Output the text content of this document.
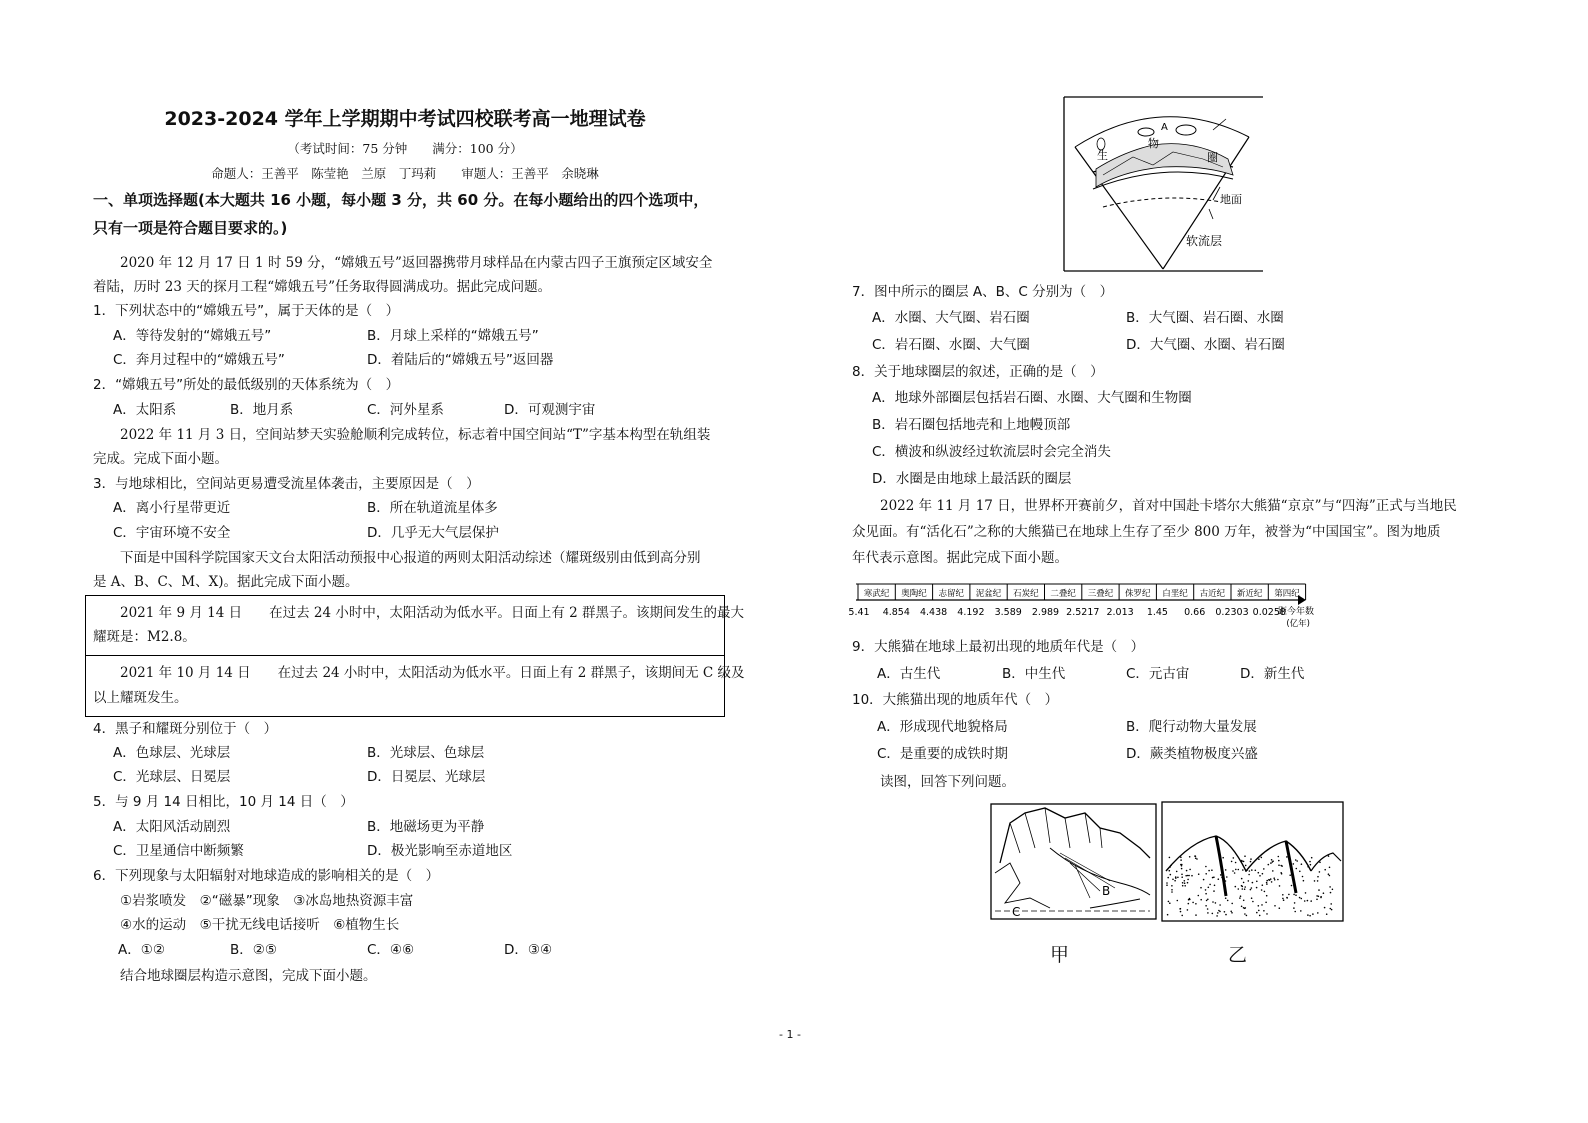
2023-2024 学年上学期期中考试四校联考高一地理试卷
（考试时间：75 分钟　　满分：100 分）
命题人：王善平　陈莹艳　兰原　丁玛莉　　审题人：王善平　余晓琳
一、单项选择题(本大题共 16 小题，每小题 3 分，共 60 分。在每小题给出的四个选项中，
只有一项是符合题目要求的。)
2020 年 12 月 17 日 1 时 59 分，“嫦娥五号”返回器携带月球样品在内蒙古四子王旗预定区域安全
着陆，历时 23 天的探月工程“嫦娥五号”任务取得圆满成功。据此完成问题。
1．下列状态中的“嫦娥五号”，属于天体的是（　）
A．等待发射的“嫦娥五号”	B．月球上采样的“嫦娥五号”
C．奔月过程中的“嫦娥五号”	D．着陆后的“嫦娥五号”返回器
2．“嫦娥五号”所处的最低级别的天体系统为（　）
A．太阳系	B．地月系	C．河外星系	D．可观测宇宙
2022 年 11 月 3 日，空间站梦天实验舱顺利完成转位，标志着中国空间站“T”字基本构型在轨组装
完成。完成下面小题。
3．与地球相比，空间站更易遭受流星体袭击，主要原因是（　）
A．离小行星带更近	B．所在轨道流星体多
C．宇宙环境不安全	D．几乎无大气层保护
下面是中国科学院国家天文台太阳活动预报中心报道的两则太阳活动综述（耀斑级别由低到高分别
是 A、B、C、M、X)。据此完成下面小题。
2021 年 9 月 14 日　　在过去 24 小时中，太阳活动为低水平。日面上有 2 群黑子。该期间发生的最大
耀斑是：M2.8。
2021 年 10 月 14 日　　在过去 24 小时中，太阳活动为低水平。日面上有 2 群黑子，该期间无 C 级及
以上耀斑发生。
4．黑子和耀斑分别位于（　）
A．色球层、光球层	B．光球层、色球层
C．光球层、日冕层	D．日冕层、光球层
5．与 9 月 14 日相比，10 月 14 日（　）
A．太阳风活动剧烈	B．地磁场更为平静
C．卫星通信中断频繁	D．极光影响至赤道地区
6．下列现象与太阳辐射对地球造成的影响相关的是（　）
①岩浆喷发　②“磁暴”现象　③冰岛地热资源丰富
④水的运动　⑤干扰无线电话接听　⑥植物生长
A．①②	B．②⑤	C．④⑥	D．③④
结合地球圈层构造示意图，完成下面小题。
A
生
物
圈
地面
软流层
7．图中所示的圈层 A、B、C 分别为（　）
A．水圈、大气圈、岩石圈	B．大气圈、岩石圈、水圈
C．岩石圈、水圈、大气圈	D．大气圈、水圈、岩石圈
8．关于地球圈层的叙述，正确的是（　）
A．地球外部圈层包括岩石圈、水圈、大气圈和生物圈
B．岩石圈包括地壳和上地幔顶部
C．横波和纵波经过软流层时会完全消失
D．水圈是由地球上最活跃的圈层
2022 年 11 月 17 日，世界杯开赛前夕，首对中国赴卡塔尔大熊猫“京京”与“四海”正式与当地民
众见面。有“活化石”之称的大熊猫已在地球上生存了至少 800 万年，被誉为“中国国宝”。图为地质
年代表示意图。据此完成下面小题。
寒武纪
5.41
奥陶纪
4.854
志留纪
4.438
泥盆纪
4.192
石炭纪
3.589
二叠纪
2.989
三叠纪
2.5217
侏罗纪
2.013
白垩纪
1.45
古近纪
0.66
新近纪
0.2303
第四纪
0.0258
距今年数
(亿年)
9．大熊猫在地球上最初出现的地质年代是（　）
A．古生代	B．中生代	C．元古宙	D．新生代
10．大熊猫出现的地质年代（　）
A．形成现代地貌格局	B．爬行动物大量发展
C．是重要的成铁时期	D．蕨类植物极度兴盛
读图，回答下列问题。
B
C
甲	乙
- 1 -
